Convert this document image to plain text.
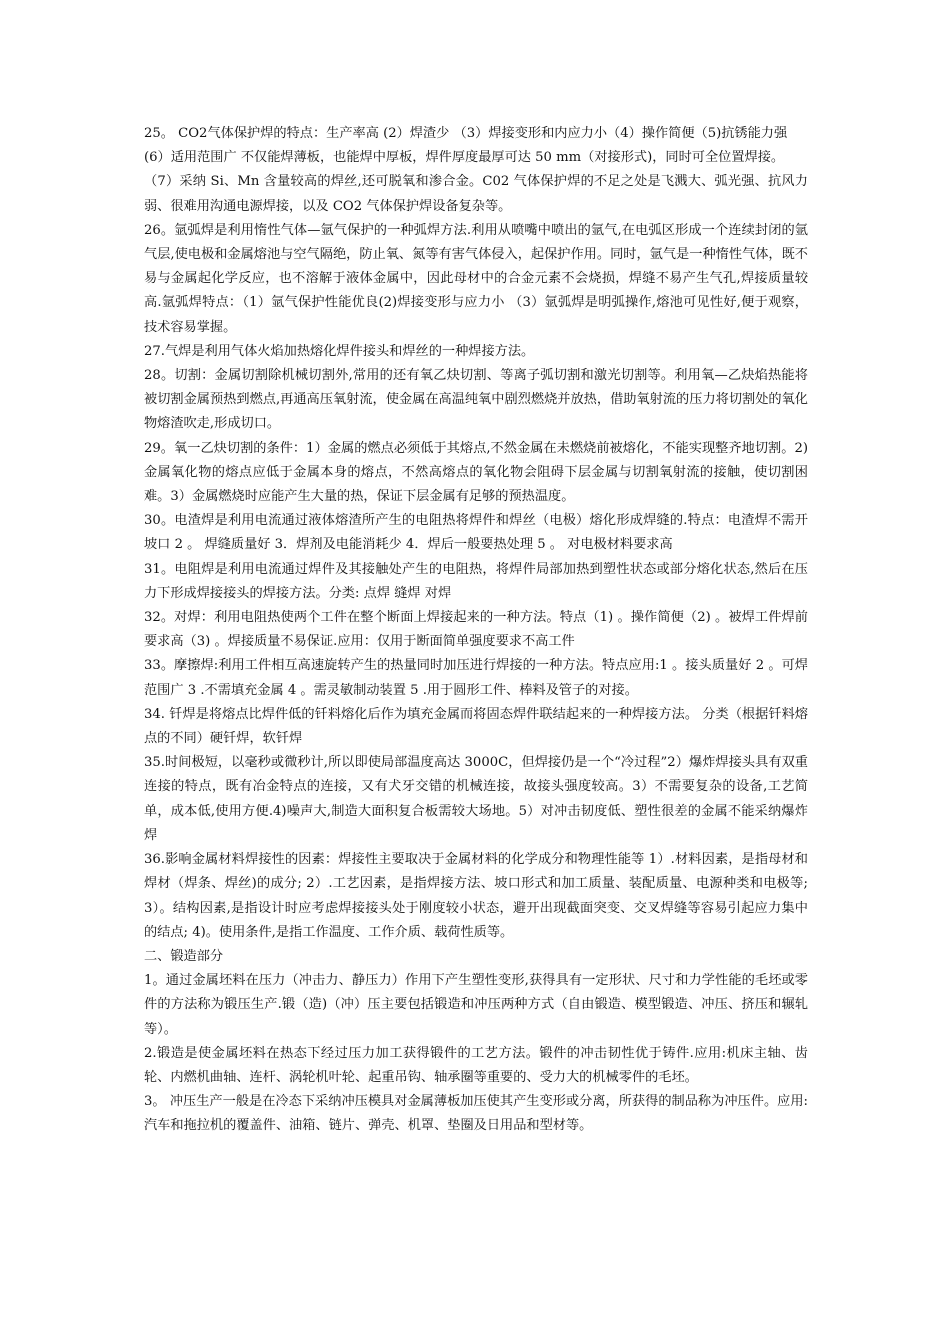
25。 CO2气体保护焊的特点：生产率高 (2）焊渣少 （3）焊接变形和内应力小（4）操作简便（5)抗锈能力强

(6）适用范围广 不仅能焊薄板，也能焊中厚板，焊件厚度最厚可达 50 mm（对接形式)，同时可全位置焊接。

（7）采纳 Si、Mn 含量较高的焊丝,还可脱氧和渗合金。C02 气体保护焊的不足之处是飞溅大、弧光强、抗风力弱、很难用沟通电源焊接，以及 CO2 气体保护焊设备复杂等。

26。氩弧焊是利用惰性气体—氩气保护的一种弧焊方法.利用从喷嘴中喷出的氩气,在电弧区形成一个连续封闭的氩气层,使电极和金属熔池与空气隔绝，防止氧、氮等有害气体侵入，起保护作用。同时，氩气是一种惰性气体，既不易与金属起化学反应，也不溶解于液体金属中，因此母材中的合金元素不会烧损，焊缝不易产生气孔,焊接质量较高.氩弧焊特点：（1）氩气保护性能优良(2)焊接变形与应力小 （3）氩弧焊是明弧操作,熔池可见性好,便于观察，技术容易掌握。

27.气焊是利用气体火焰加热熔化焊件接头和焊丝的一种焊接方法。

28。切割：金属切割除机械切割外,常用的还有氧乙炔切割、等离子弧切割和激光切割等。利用氧—乙炔焰热能将被切割金属预热到燃点,再通高压氧射流，使金属在高温纯氧中剧烈燃烧并放热，借助氧射流的压力将切割处的氧化物熔渣吹走,形成切口。

29。氧一乙炔切割的条件：1）金属的燃点必须低于其熔点,不然金属在未燃烧前被熔化，不能实现整齐地切割。2)金属氧化物的熔点应低于金属本身的熔点，不然高熔点的氧化物会阻碍下层金属与切割氧射流的接触，使切割困难。3）金属燃烧时应能产生大量的热，保证下层金属有足够的预热温度。

30。电渣焊是利用电流通过液体熔渣所产生的电阻热将焊件和焊丝（电极）熔化形成焊缝的.特点：电渣焊不需开坡口 2 。 焊缝质量好 3．焊剂及电能消耗少 4．焊后一般要热处理 5 。 对电极材料要求高

31。电阻焊是利用电流通过焊件及其接触处产生的电阻热，将焊件局部加热到塑性状态或部分熔化状态,然后在压力下形成焊接接头的焊接方法。分类: 点焊 缝焊 对焊

32。对焊：利用电阻热使两个工件在整个断面上焊接起来的一种方法。特点（1) 。操作简便（2) 。被焊工件焊前要求高（3) 。焊接质量不易保证.应用：仅用于断面简单强度要求不高工件

33。摩擦焊:利用工件相互高速旋转产生的热量同时加压进行焊接的一种方法。特点应用:1 。接头质量好 2 。可焊范围广 3 .不需填充金属 4 。需灵敏制动装置 5 .用于圆形工件、棒料及管子的对接。

34. 钎焊是将熔点比焊件低的钎料熔化后作为填充金属而将固态焊件联结起来的一种焊接方法。 分类（根据钎料熔点的不同）硬钎焊，软钎焊

35.时间极短，以毫秒或微秒计,所以即使局部温度高达 3000C，但焊接仍是一个“冷过程”2）爆炸焊接头具有双重连接的特点，既有冶金特点的连接，又有犬牙交错的机械连接，故接头强度较高。3）不需要复杂的设备,工艺简单，成本低,使用方便.4)噪声大,制造大面积复合板需较大场地。5）对冲击韧度低、塑性很差的金属不能采纳爆炸焊

36.影响金属材料焊接性的因素：焊接性主要取决于金属材料的化学成分和物理性能等 1）.材料因素，是指母材和焊材（焊条、焊丝)的成分; 2）.工艺因素，是指焊接方法、坡口形式和加工质量、装配质量、电源种类和电极等; 3）。结构因素,是指设计时应考虑焊接接头处于刚度较小状态，避开出现截面突变、交叉焊缝等容易引起应力集中的结点; 4)。使用条件,是指工作温度、工作介质、载荷性质等。

二、锻造部分

1。通过金属坯料在压力（冲击力、静压力）作用下产生塑性变形,获得具有一定形状、尺寸和力学性能的毛坯或零件的方法称为锻压生产.锻（造)（冲）压主要包括锻造和冲压两种方式（自由锻造、模型锻造、冲压、挤压和辗轧等）。

2.锻造是使金属坯料在热态下经过压力加工获得锻件的工艺方法。锻件的冲击韧性优于铸件.应用:机床主轴、齿轮、内燃机曲轴、连杆、涡轮机叶轮、起重吊钩、轴承圈等重要的、受力大的机械零件的毛坯。

3。 冲压生产一般是在冷态下采纳冲压模具对金属薄板加压使其产生变形或分离，所获得的制品称为冲压件。应用:汽车和拖拉机的覆盖件、油箱、链片、弹壳、机罩、垫圈及日用品和型材等。
